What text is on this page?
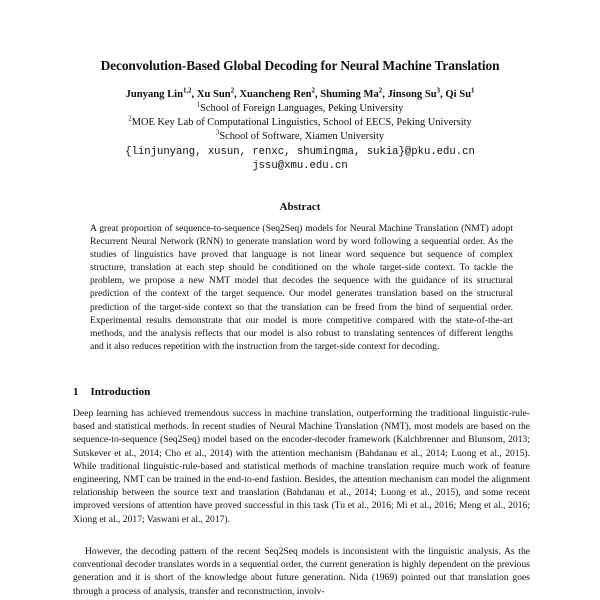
Deconvolution-Based Global Decoding for Neural Machine Translation
Junyang Lin$^{1,2}$, Xu Sun$^2$, Xuancheng Ren$^2$, Shuming Ma$^2$, Jinsong Su$^3$, Qi Su$^1$
$^1$School of Foreign Languages, Peking University
$^2$MOE Key Lab of Computational Linguistics, School of EECS, Peking University
$^3$School of Software, Xiamen University
{linjunyang, xusun, renxc, shumingma, sukia}@pku.edu.cn
jssu@xmu.edu.cn
Abstract

A great proportion of sequence-to-sequence (Seq2Seq) models for Neural Machine Translation (NMT) adopt Recurrent Neural Network (RNN) to generate translation word by word following a sequential order. As the studies of linguistics have proved that language is not linear word sequence but sequence of complex structure, translation at each step should be conditioned on the whole target-side context. To tackle the problem, we propose a new NMT model that decodes the sequence with the guidance of its structural prediction of the context of the target sequence. Our model generates translation based on the structural prediction of the target-side context so that the translation can be freed from the bind of sequential order. Experimental results demonstrate that our model is more competitive compared with the state-of-the-art methods, and the analysis reflects that our model is also robust to translating sentences of different lengths and it also reduces repetition with the instruction from the target-side context for decoding.

1 Introduction

Deep learning has achieved tremendous success in machine translation, outperforming the traditional linguistic-rule-based and statistical methods. In recent studies of Neural Machine Translation (NMT), most models are based on the sequence-to-sequence (Seq2Seq) model based on the encoder-decoder framework (Kalchbrenner and Blunsom, 2013; Sutskever et al., 2014; Cho et al., 2014) with the attention mechanism (Bahdanau et al., 2014; Luong et al., 2015). While traditional linguistic-rule-based and statistical methods of machine translation require much work of feature engineering, NMT can be trained in the end-to-end fashion. Besides, the attention mechanism can model the alignment relationship between the source text and translation (Bahdanau et al., 2014; Luong et al., 2015), and some recent improved versions of attention have proved successful in this task (Tu et al., 2016; Mi et al., 2016; Meng et al., 2016; Xiong et al., 2017; Vaswani et al., 2017).

However, the decoding pattern of the recent Seq2Seq models is inconsistent with the linguistic analysis. As the conventional decoder translates words in a sequential order, the current generation is highly dependent on the previous generation and it is short of the knowledge about future generation. Nida (1969) pointed out that translation goes through a process of analysis, transfer and reconstruction, involv-
